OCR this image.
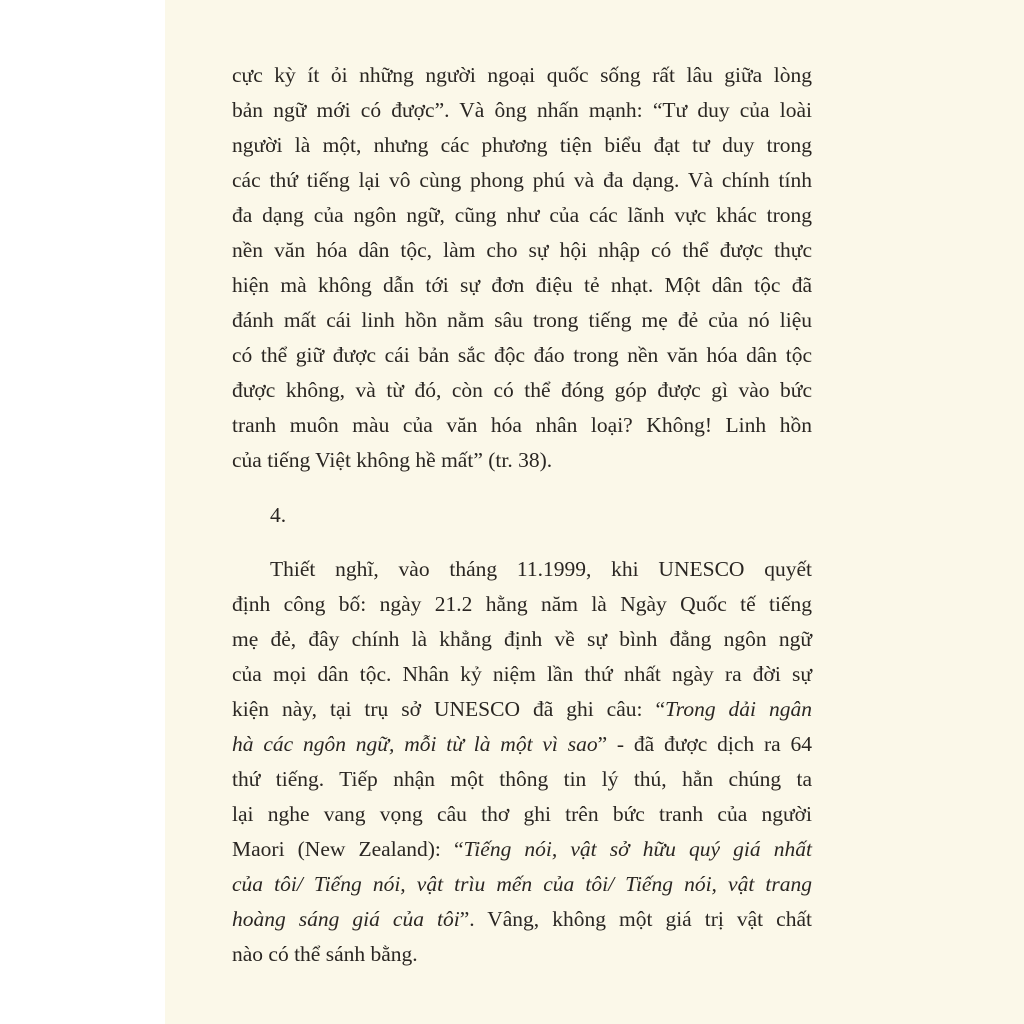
cực kỳ ít ỏi những người ngoại quốc sống rất lâu giữa lòng
bản ngữ mới có được”. Và ông nhấn mạnh: “Tư duy của loài
người là một, nhưng các phương tiện biểu đạt tư duy trong
các thứ tiếng lại vô cùng phong phú và đa dạng. Và chính tính
đa dạng của ngôn ngữ, cũng như của các lãnh vực khác trong
nền văn hóa dân tộc, làm cho sự hội nhập có thể được thực
hiện mà không dẫn tới sự đơn điệu tẻ nhạt. Một dân tộc đã
đánh mất cái linh hồn nằm sâu trong tiếng mẹ đẻ của nó liệu
có thể giữ được cái bản sắc độc đáo trong nền văn hóa dân tộc
được không, và từ đó, còn có thể đóng góp được gì vào bức
tranh muôn màu của văn hóa nhân loại? Không! Linh hồn
của tiếng Việt không hề mất” (tr. 38).
4.
Thiết nghĩ, vào tháng 11.1999, khi UNESCO quyết
định công bố: ngày 21.2 hằng năm là Ngày Quốc tế tiếng
mẹ đẻ, đây chính là khẳng định về sự bình đẳng ngôn ngữ
của mọi dân tộc. Nhân kỷ niệm lần thứ nhất ngày ra đời sự
kiện này, tại trụ sở UNESCO đã ghi câu: “Trong dải ngân
hà các ngôn ngữ, mỗi từ là một vì sao” - đã được dịch ra 64
thứ tiếng. Tiếp nhận một thông tin lý thú, hẳn chúng ta
lại nghe vang vọng câu thơ ghi trên bức tranh của người
Maori (New Zealand): “Tiếng nói, vật sở hữu quý giá nhất
của tôi/ Tiếng nói, vật trìu mến của tôi/ Tiếng nói, vật trang
hoàng sáng giá của tôi”. Vâng, không một giá trị vật chất
nào có thể sánh bằng.
